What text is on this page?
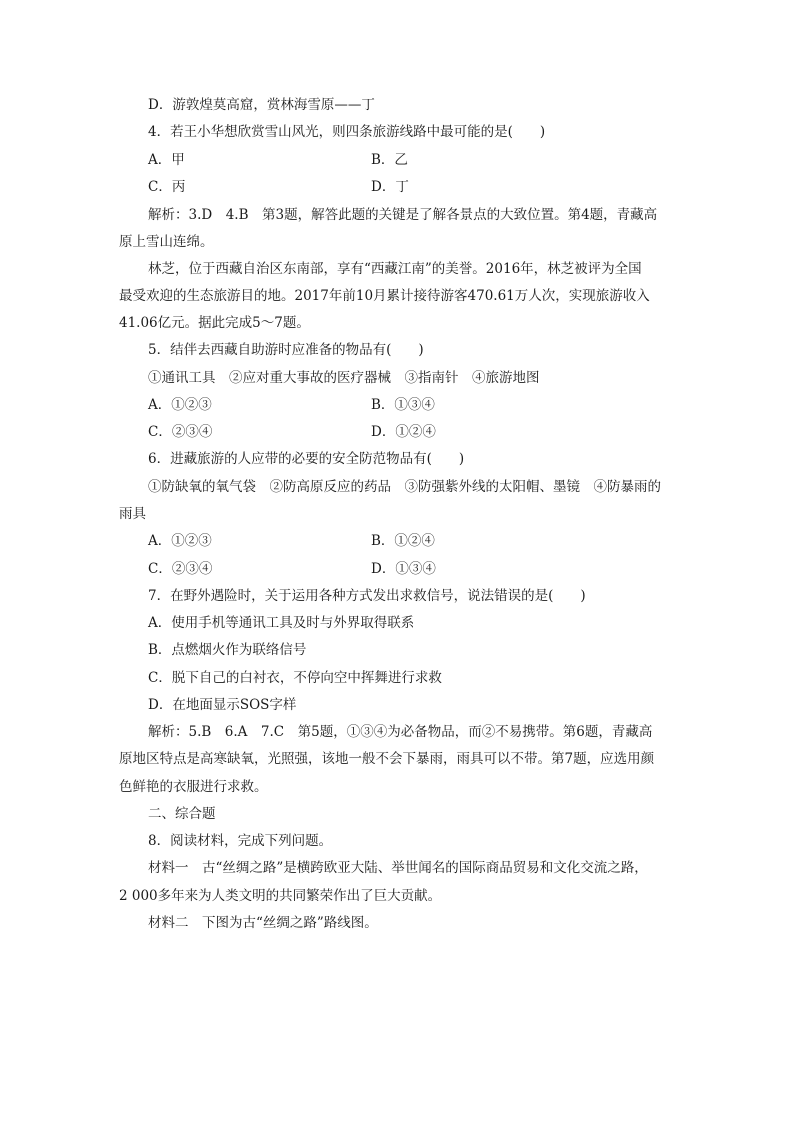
D．游敦煌莫高窟，赏林海雪原——丁
4．若王小华想欣赏雪山风光，则四条旅游线路中最可能的是(　　)
A．甲	B．乙
C．丙	D．丁
解析：3.D　4.B　第3题，解答此题的关键是了解各景点的大致位置。第4题，青藏高
原上雪山连绵。
林芝，位于西藏自治区东南部，享有“西藏江南”的美誉。2016年，林芝被评为全国
最受欢迎的生态旅游目的地。2017年前10月累计接待游客470.61万人次，实现旅游收入
41.06亿元。据此完成5～7题。
5．结伴去西藏自助游时应准备的物品有(　　)
①通讯工具　②应对重大事故的医疗器械　③指南针　④旅游地图
A．①②③	B．①③④
C．②③④	D．①②④
6．进藏旅游的人应带的必要的安全防范物品有(　　)
①防缺氧的氧气袋　②防高原反应的药品　③防强紫外线的太阳帽、墨镜　④防暴雨的
雨具
A．①②③	B．①②④
C．②③④	D．①③④
7．在野外遇险时，关于运用各种方式发出求救信号，说法错误的是(　　)
A．使用手机等通讯工具及时与外界取得联系
B．点燃烟火作为联络信号
C．脱下自己的白衬衣，不停向空中挥舞进行求救
D．在地面显示SOS字样
解析：5.B　6.A　7.C　第5题，①③④为必备物品，而②不易携带。第6题，青藏高
原地区特点是高寒缺氧，光照强，该地一般不会下暴雨，雨具可以不带。第7题，应选用颜
色鲜艳的衣服进行求救。
二、综合题
8．阅读材料，完成下列问题。
材料一　古“丝绸之路”是横跨欧亚大陆、举世闻名的国际商品贸易和文化交流之路，
2 000多年来为人类文明的共同繁荣作出了巨大贡献。
材料二　下图为古“丝绸之路”路线图。
